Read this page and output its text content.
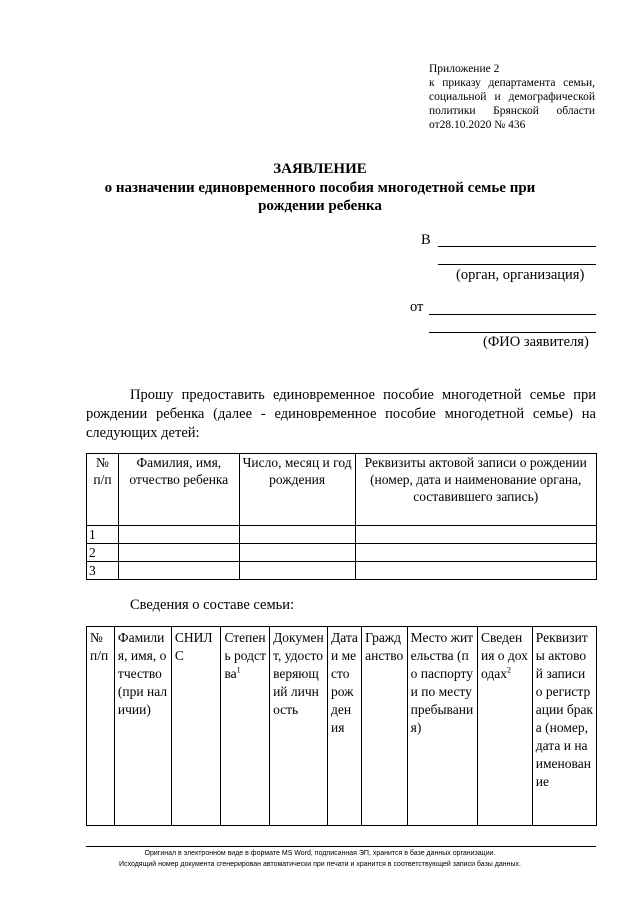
Приложение 2
к приказу департамента семьи,
социальной и демографической
политики Брянской области
от28.10.2020 № 436
ЗАЯВЛЕНИЕ
о назначении единовременного пособия многодетной семье при
рождении ребенка
В
(орган, организация)
от
(ФИО заявителя)
Прошу предоставить единовременное пособие многодетной семье при
рождении ребенка (далее - единовременное пособие многодетной семье) на
следующих детей:
№ п/п	Фамилия, имя, отчество ребенка	Число, месяц и год рождения	Реквизиты актовой записи о рождении (номер, дата и наименование органа, составившего запись)
1			
2			
3			
Сведения о составе семьи:
№ п/п	Фамилия, имя, отчество (при наличии)	СНИЛС	Степень родства$^1$	Документ, удостоверяющий личность	Дата и место рождения	Гражданство	Место жительства (по паспорту и по месту пребывания)	Сведения о доходах$^2$	Реквизиты актовой записи о регистрации брака (номер, дата и наименование
Оригинал в электронном виде в формате MS Word, подписанная ЭП, хранится в базе данных организации.
Исходящий номер документа сгенерирован автоматически при печати и хранится в соответствующей записи базы данных.
